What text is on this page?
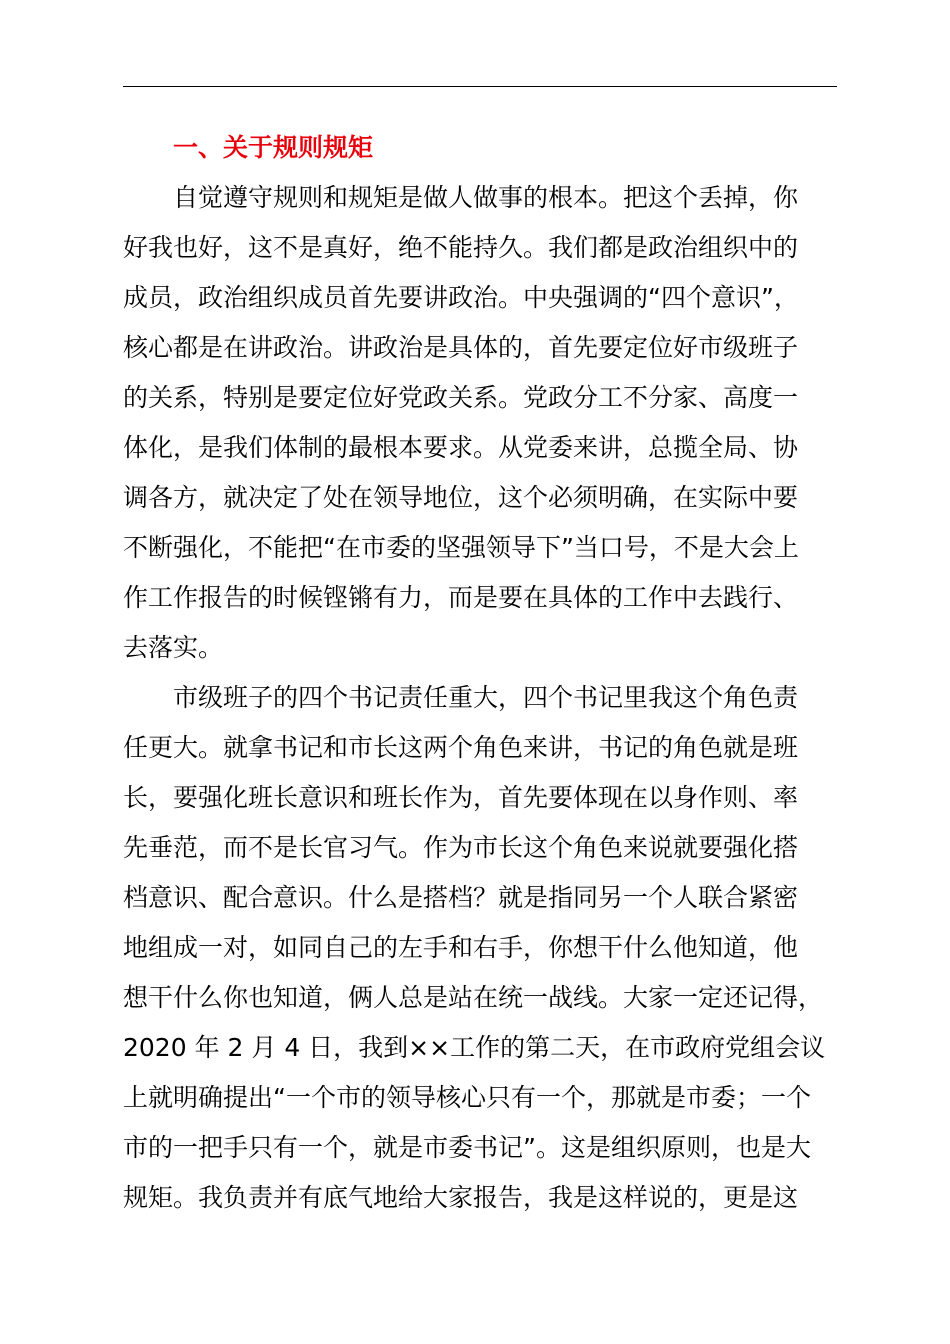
一、关于规则规矩

自觉遵守规则和规矩是做人做事的根本。把这个丢掉，你
好我也好，这不是真好，绝不能持久。我们都是政治组织中的
成员，政治组织成员首先要讲政治。中央强调的“四个意识”，
核心都是在讲政治。讲政治是具体的，首先要定位好市级班子
的关系，特别是要定位好党政关系。党政分工不分家、高度一
体化，是我们体制的最根本要求。从党委来讲，总揽全局、协
调各方，就决定了处在领导地位，这个必须明确，在实际中要
不断强化，不能把“在市委的坚强领导下”当口号，不是大会上
作工作报告的时候铿锵有力，而是要在具体的工作中去践行、
去落实。

市级班子的四个书记责任重大，四个书记里我这个角色责
任更大。就拿书记和市长这两个角色来讲，书记的角色就是班
长，要强化班长意识和班长作为，首先要体现在以身作则、率
先垂范，而不是长官习气。作为市长这个角色来说就要强化搭
档意识、配合意识。什么是搭档？就是指同另一个人联合紧密
地组成一对，如同自己的左手和右手，你想干什么他知道，他
想干什么你也知道，俩人总是站在统一战线。大家一定还记得，
2020 年 2 月 4 日，我到××工作的第二天，在市政府党组会议
上就明确提出“一个市的领导核心只有一个，那就是市委；一个
市的一把手只有一个，就是市委书记”。这是组织原则，也是大
规矩。我负责并有底气地给大家报告，我是这样说的，更是这
